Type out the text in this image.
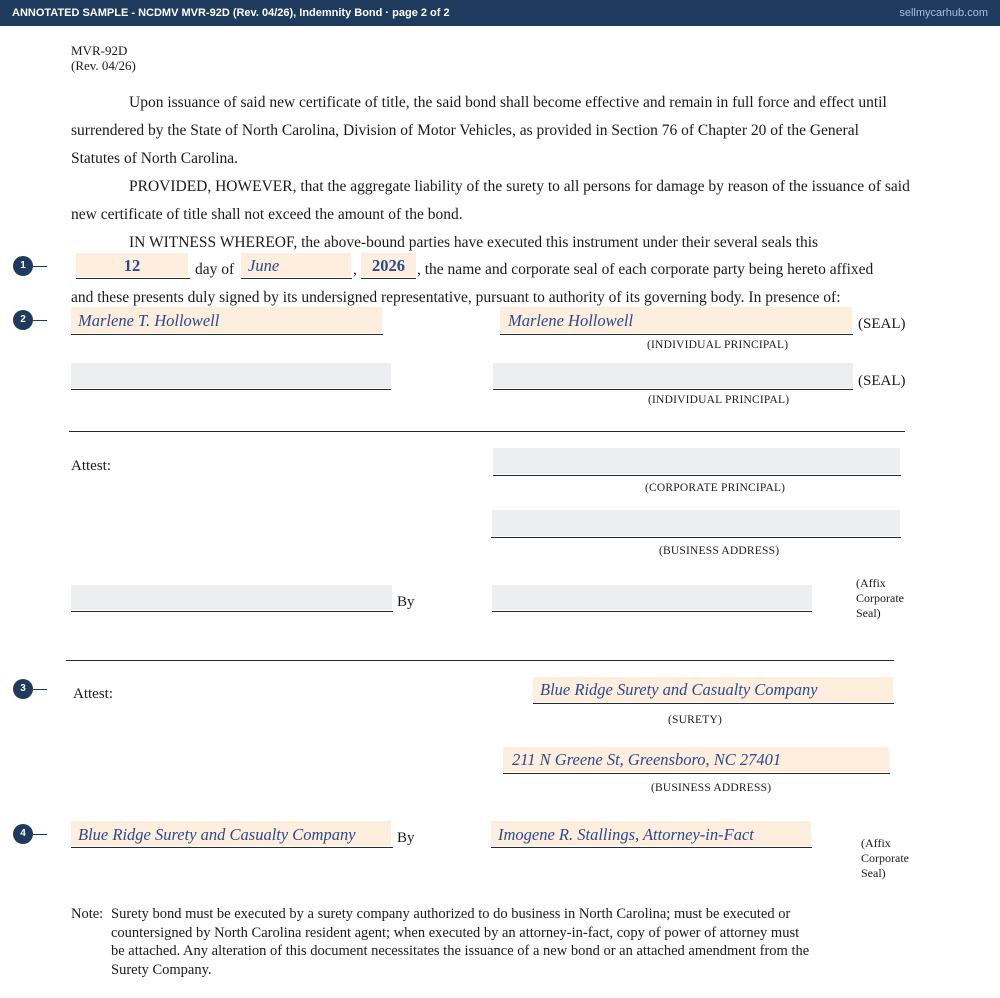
ANNOTATED SAMPLE - NCDMV MVR-92D (Rev. 04/26), Indemnity Bond · page 2 of 2	sellmycarhub.com
MVR-92D
(Rev. 04/26)
Upon issuance of said new certificate of title, the said bond shall become effective and remain in full force and effect until
surrendered by the State of North Carolina, Division of Motor Vehicles, as provided in Section 76 of Chapter 20 of the General
Statutes of North Carolina.
PROVIDED, HOWEVER, that the aggregate liability of the surety to all persons for damage by reason of the issuance of said
new certificate of title shall not exceed the amount of the bond.
IN WITNESS WHEREOF, the above-bound parties have executed this instrument under their several seals this
1	12	day of June	, 2026 , the name and corporate seal of each corporate party being hereto affixed
and these presents duly signed by its undersigned representative, pursuant to authority of its governing body. In presence of:
2	Marlene T. Hollowell	Marlene Hollowell	(SEAL)
(INDIVIDUAL PRINCIPAL)
(SEAL)
(INDIVIDUAL PRINCIPAL)
Attest:
(CORPORATE PRINCIPAL)
(BUSINESS ADDRESS)
By
(Affix
Corporate
Seal)
3	Attest:	Blue Ridge Surety and Casualty Company
(SURETY)
211 N Greene St, Greensboro, NC 27401
(BUSINESS ADDRESS)
4	Blue Ridge Surety and Casualty Company	By	Imogene R. Stallings, Attorney-in-Fact	(Affix
Corporate
Seal)
Note: Surety bond must be executed by a surety company authorized to do business in North Carolina; must be executed or
countersigned by North Carolina resident agent; when executed by an attorney-in-fact, copy of power of attorney must
be attached. Any alteration of this document necessitates the issuance of a new bond or an attached amendment from the
Surety Company.
